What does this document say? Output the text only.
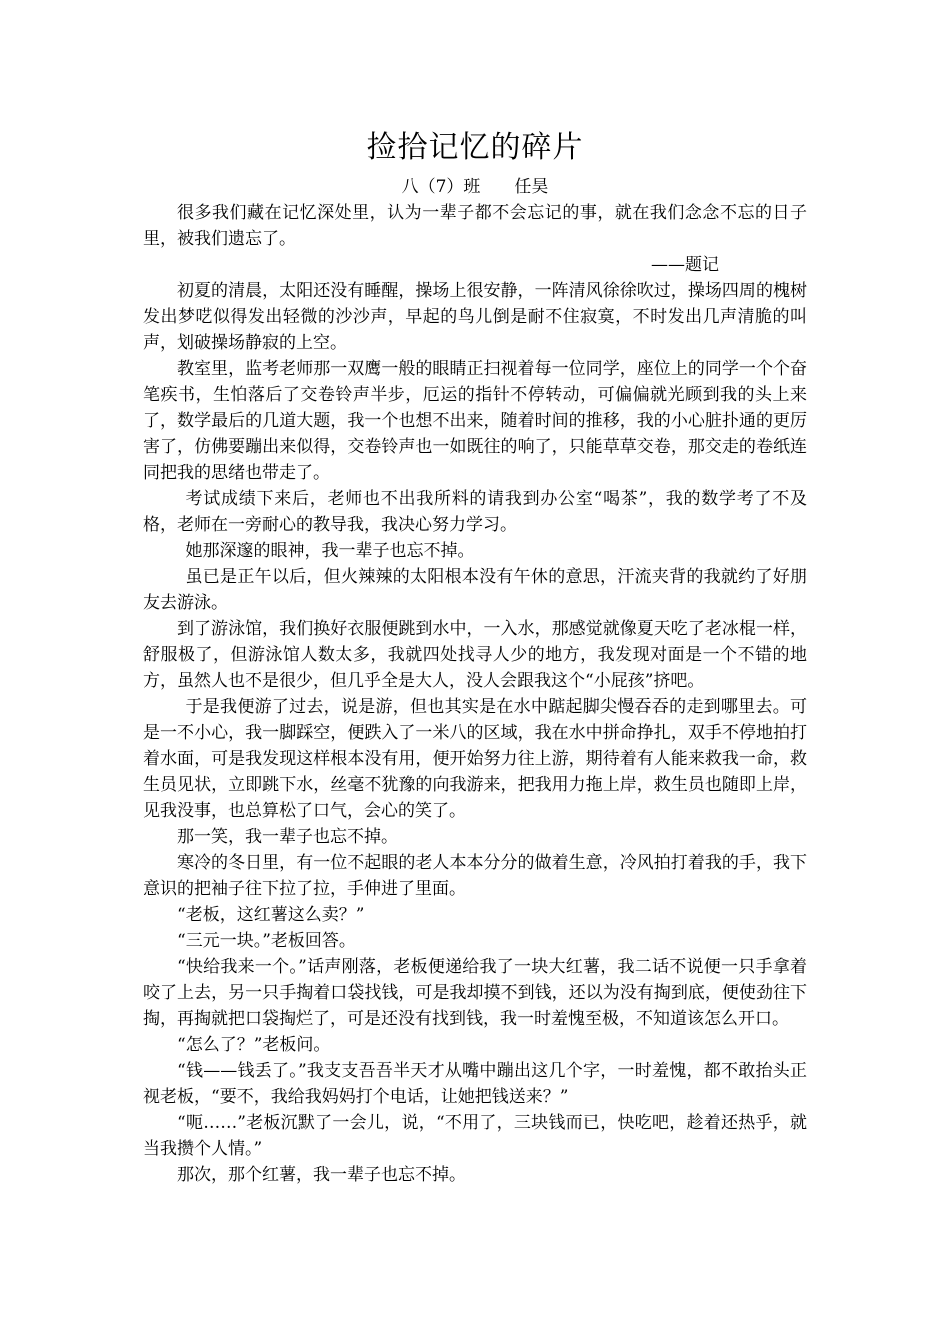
捡拾记忆的碎片
八（7）班　　任昊

很多我们藏在记忆深处里，认为一辈子都不会忘记的事，就在我们念念不忘的日子里，被我们遗忘了。

——题记

初夏的清晨，太阳还没有睡醒，操场上很安静，一阵清风徐徐吹过，操场四周的槐树发出梦呓似得发出轻微的沙沙声，早起的鸟儿倒是耐不住寂寞，不时发出几声清脆的叫声，划破操场静寂的上空。

教室里，监考老师那一双鹰一般的眼睛正扫视着每一位同学，座位上的同学一个个奋笔疾书，生怕落后了交卷铃声半步，厄运的指针不停转动，可偏偏就光顾到我的头上来了，数学最后的几道大题，我一个也想不出来，随着时间的推移，我的小心脏扑通的更厉害了，仿佛要蹦出来似得，交卷铃声也一如既往的响了，只能草草交卷，那交走的卷纸连同把我的思绪也带走了。

考试成绩下来后，老师也不出我所料的请我到办公室“喝茶”，我的数学考了不及格，老师在一旁耐心的教导我，我决心努力学习。

她那深邃的眼神，我一辈子也忘不掉。

虽已是正午以后，但火辣辣的太阳根本没有午休的意思，汗流夹背的我就约了好朋友去游泳。

到了游泳馆，我们换好衣服便跳到水中，一入水，那感觉就像夏天吃了老冰棍一样，舒服极了，但游泳馆人数太多，我就四处找寻人少的地方，我发现对面是一个不错的地方，虽然人也不是很少，但几乎全是大人，没人会跟我这个“小屁孩”挤吧。

于是我便游了过去，说是游，但也其实是在水中踮起脚尖慢吞吞的走到哪里去。可是一不小心，我一脚踩空，便跌入了一米八的区域，我在水中拼命挣扎，双手不停地拍打着水面，可是我发现这样根本没有用，便开始努力往上游，期待着有人能来救我一命，救生员见状，立即跳下水，丝毫不犹豫的向我游来，把我用力拖上岸，救生员也随即上岸，见我没事，也总算松了口气，会心的笑了。

那一笑，我一辈子也忘不掉。

寒冷的冬日里，有一位不起眼的老人本本分分的做着生意，冷风拍打着我的手，我下意识的把袖子往下拉了拉，手伸进了里面。

“老板，这红薯这么卖？”

“三元一块。”老板回答。

“快给我来一个。”话声刚落，老板便递给我了一块大红薯，我二话不说便一只手拿着咬了上去，另一只手掏着口袋找钱，可是我却摸不到钱，还以为没有掏到底，便使劲往下掏，再掏就把口袋掏烂了，可是还没有找到钱，我一时羞愧至极，不知道该怎么开口。

“怎么了？”老板问。

“钱——钱丢了。”我支支吾吾半天才从嘴中蹦出这几个字，一时羞愧，都不敢抬头正视老板，“要不，我给我妈妈打个电话，让她把钱送来？”

“呃……”老板沉默了一会儿，说，“不用了，三块钱而已，快吃吧，趁着还热乎，就当我攒个人情。”

那次，那个红薯，我一辈子也忘不掉。
